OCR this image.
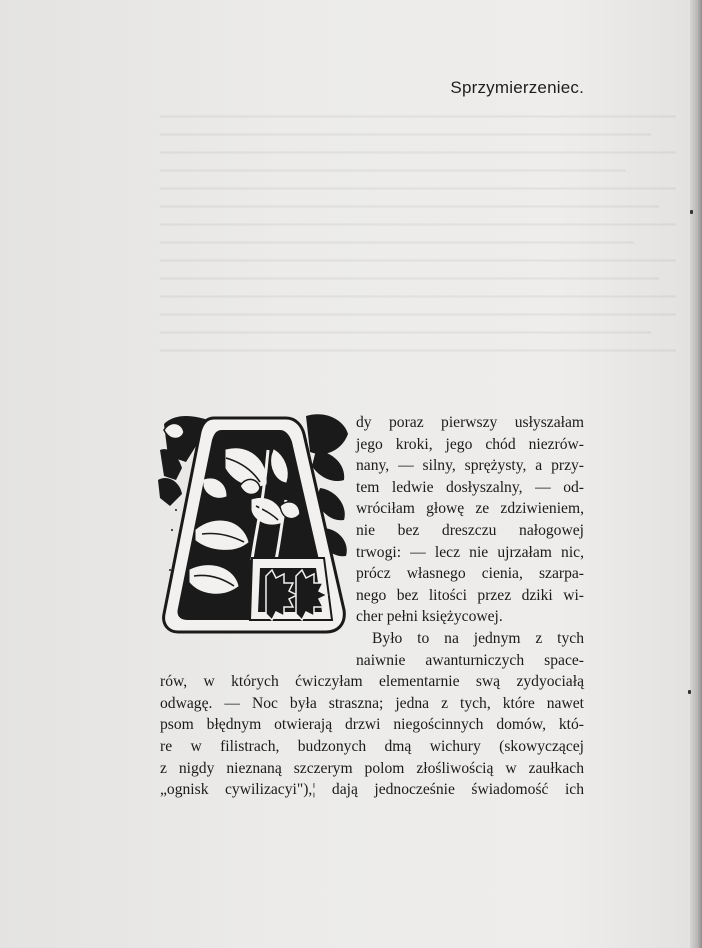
━━━━━━━━━━━━━━━━━━━━━━━━━━━━━━━━━━━━━━━━━━━━━━━━━━━━━━━━━━━━━━
━━━━━━━━━━━━━━━━━━━━━━━━━━━━━━━━━━━━━━━━━━━━━━━━━━━━━━━━━━━
━━━━━━━━━━━━━━━━━━━━━━━━━━━━━━━━━━━━━━━━━━━━━━━━━━━━━━━━━━━━━━
━━━━━━━━━━━━━━━━━━━━━━━━━━━━━━━━━━━━━━━━━━━━━━━━━━━━━━━━
━━━━━━━━━━━━━━━━━━━━━━━━━━━━━━━━━━━━━━━━━━━━━━━━━━━━━━━━━━━━━━
━━━━━━━━━━━━━━━━━━━━━━━━━━━━━━━━━━━━━━━━━━━━━━━━━━━━━━━━━━━━
━━━━━━━━━━━━━━━━━━━━━━━━━━━━━━━━━━━━━━━━━━━━━━━━━━━━━━━━━━━━━━
━━━━━━━━━━━━━━━━━━━━━━━━━━━━━━━━━━━━━━━━━━━━━━━━━━━━━━━━━
━━━━━━━━━━━━━━━━━━━━━━━━━━━━━━━━━━━━━━━━━━━━━━━━━━━━━━━━━━━━━━
━━━━━━━━━━━━━━━━━━━━━━━━━━━━━━━━━━━━━━━━━━━━━━━━━━━━━━━━━━━━
━━━━━━━━━━━━━━━━━━━━━━━━━━━━━━━━━━━━━━━━━━━━━━━━━━━━━━━━━━━━━━
━━━━━━━━━━━━━━━━━━━━━━━━━━━━━━━━━━━━━━━━━━━━━━━━━━━━━━━━━━━━━━
━━━━━━━━━━━━━━━━━━━━━━━━━━━━━━━━━━━━━━━━━━━━━━━━━━━━━━━━━━━
━━━━━━━━━━━━━━━━━━━━━━━━━━━━━━━━━━━━━━━━━━━━━━━━━━━━━━━━━━━━━━
Sprzymierzeniec.
dy poraz pierwszy usłyszałam
jego kroki, jego chód niezrów-
nany, — silny, sprężysty, a przy-
tem ledwie dosłyszalny, — od-
wróciłam głowę ze zdziwieniem,
nie bez dreszczu nałogowej
trwogi: — lecz nie ujrzałam nic,
prócz własnego cienia, szarpa-
nego bez litości przez dziki wi-
cher pełni księżycowej.
Było to na jednym z tych
naiwnie awanturniczych space-
rów, w których ćwiczyłam elementarnie swą zydyociałą
odwagę. — Noc była straszna; jedna z tych, które nawet
psom błędnym otwierają drzwi niegościnnych domów, któ-
re w filistrach, budzonych dmą wichury (skowyczącej
z nigdy nieznaną szczerym polom złośliwością w zaułkach
„ognisk cywilizacyi"),¦ dają jednocześnie świadomość ich
